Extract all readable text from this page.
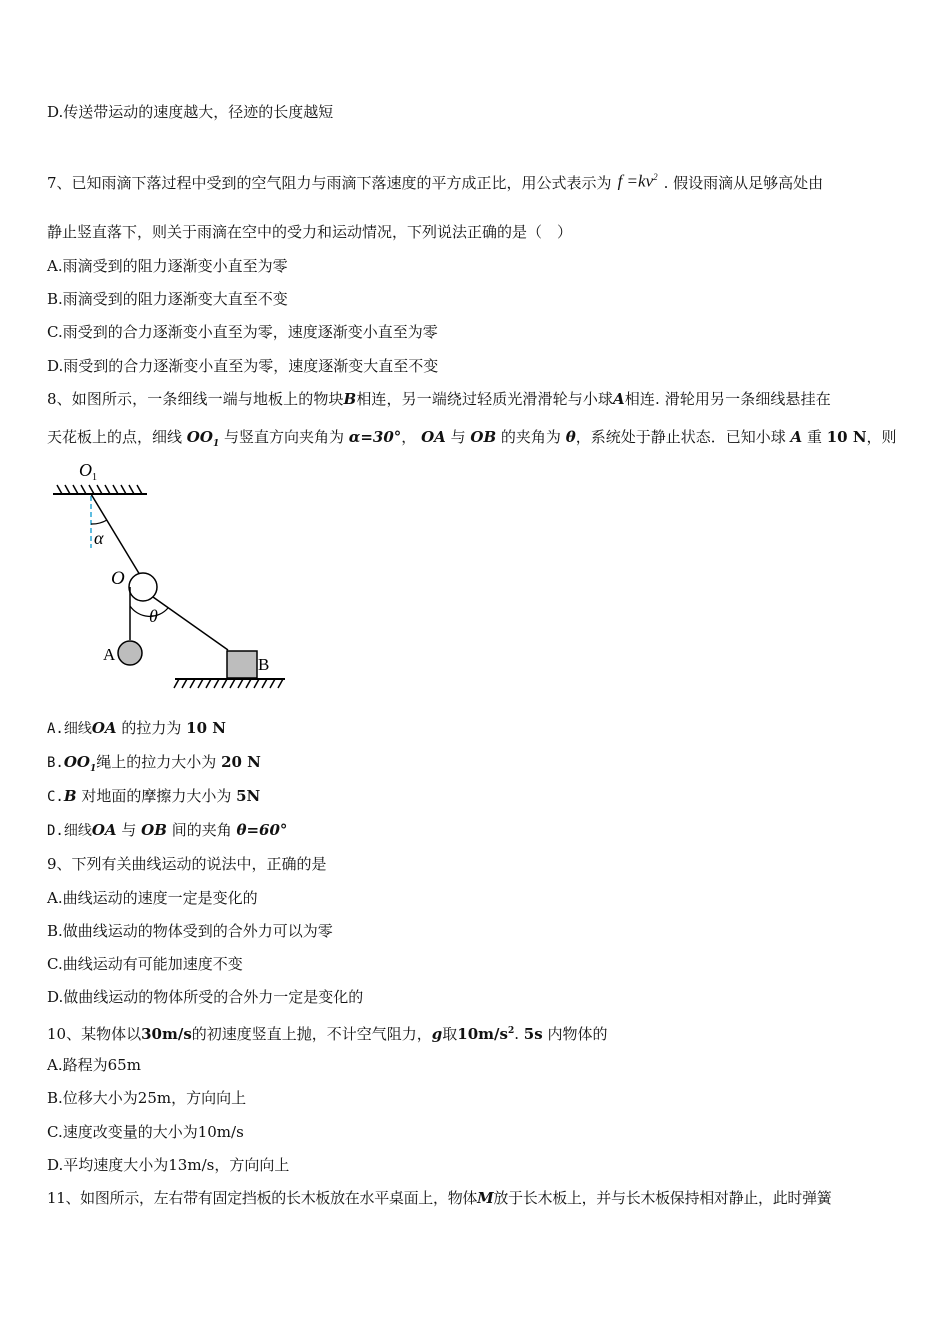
D.传送带运动的速度越大，径迹的长度越短
7、已知雨滴下落过程中受到的空气阻力与雨滴下落速度的平方成正比，用公式表示为 $f =kv^2$ . 假设雨滴从足够高处由
静止竖直落下，则关于雨滴在空中的受力和运动情况，下列说法正确的是（　）
A.雨滴受到的阻力逐渐变小直至为零
B.雨滴受到的阻力逐渐变大直至不变
C.雨受到的合力逐渐变小直至为零，速度逐渐变小直至为零
D.雨受到的合力逐渐变小直至为零，速度逐渐变大直至不变
8、如图所示，一条细线一端与地板上的物块 B 相连，另一端绕过轻质光滑滑轮与小球 A 相连. 滑轮用另一条细线悬挂在
天花板上的点，细线 $OO_1$ 与竖直方向夹角为 α=30°， OA 与 OB 的夹角为 θ，系统处于静止状态．已知小球 A 重 10 N，则
$O_1$
α
O
θ
A
B
A.细线OA 的拉力为 10 N
$B.OO_1$绳上的拉力大小为 20 N
C.B 对地面的摩擦力大小为 5N
D.细线OA 与 OB 间的夹角 θ=60°
9、下列有关曲线运动的说法中，正确的是
A.曲线运动的速度一定是变化的
B.做曲线运动的物体受到的合外力可以为零
C.曲线运动有可能加速度不变
D.做曲线运动的物体所受的合外力一定是变化的
10、某物体以30m/s的初速度竖直上抛，不计空气阻力，g取$10m/s^2$. 5s 内物体的
A.路程为65m
B.位移大小为25m，方向向上
C.速度改变量的大小为10m/s
D.平均速度大小为13m/s，方向向上
11、如图所示，左右带有固定挡板的长木板放在水平桌面上，物体M放于长木板上，并与长木板保持相对静止，此时弹簧
